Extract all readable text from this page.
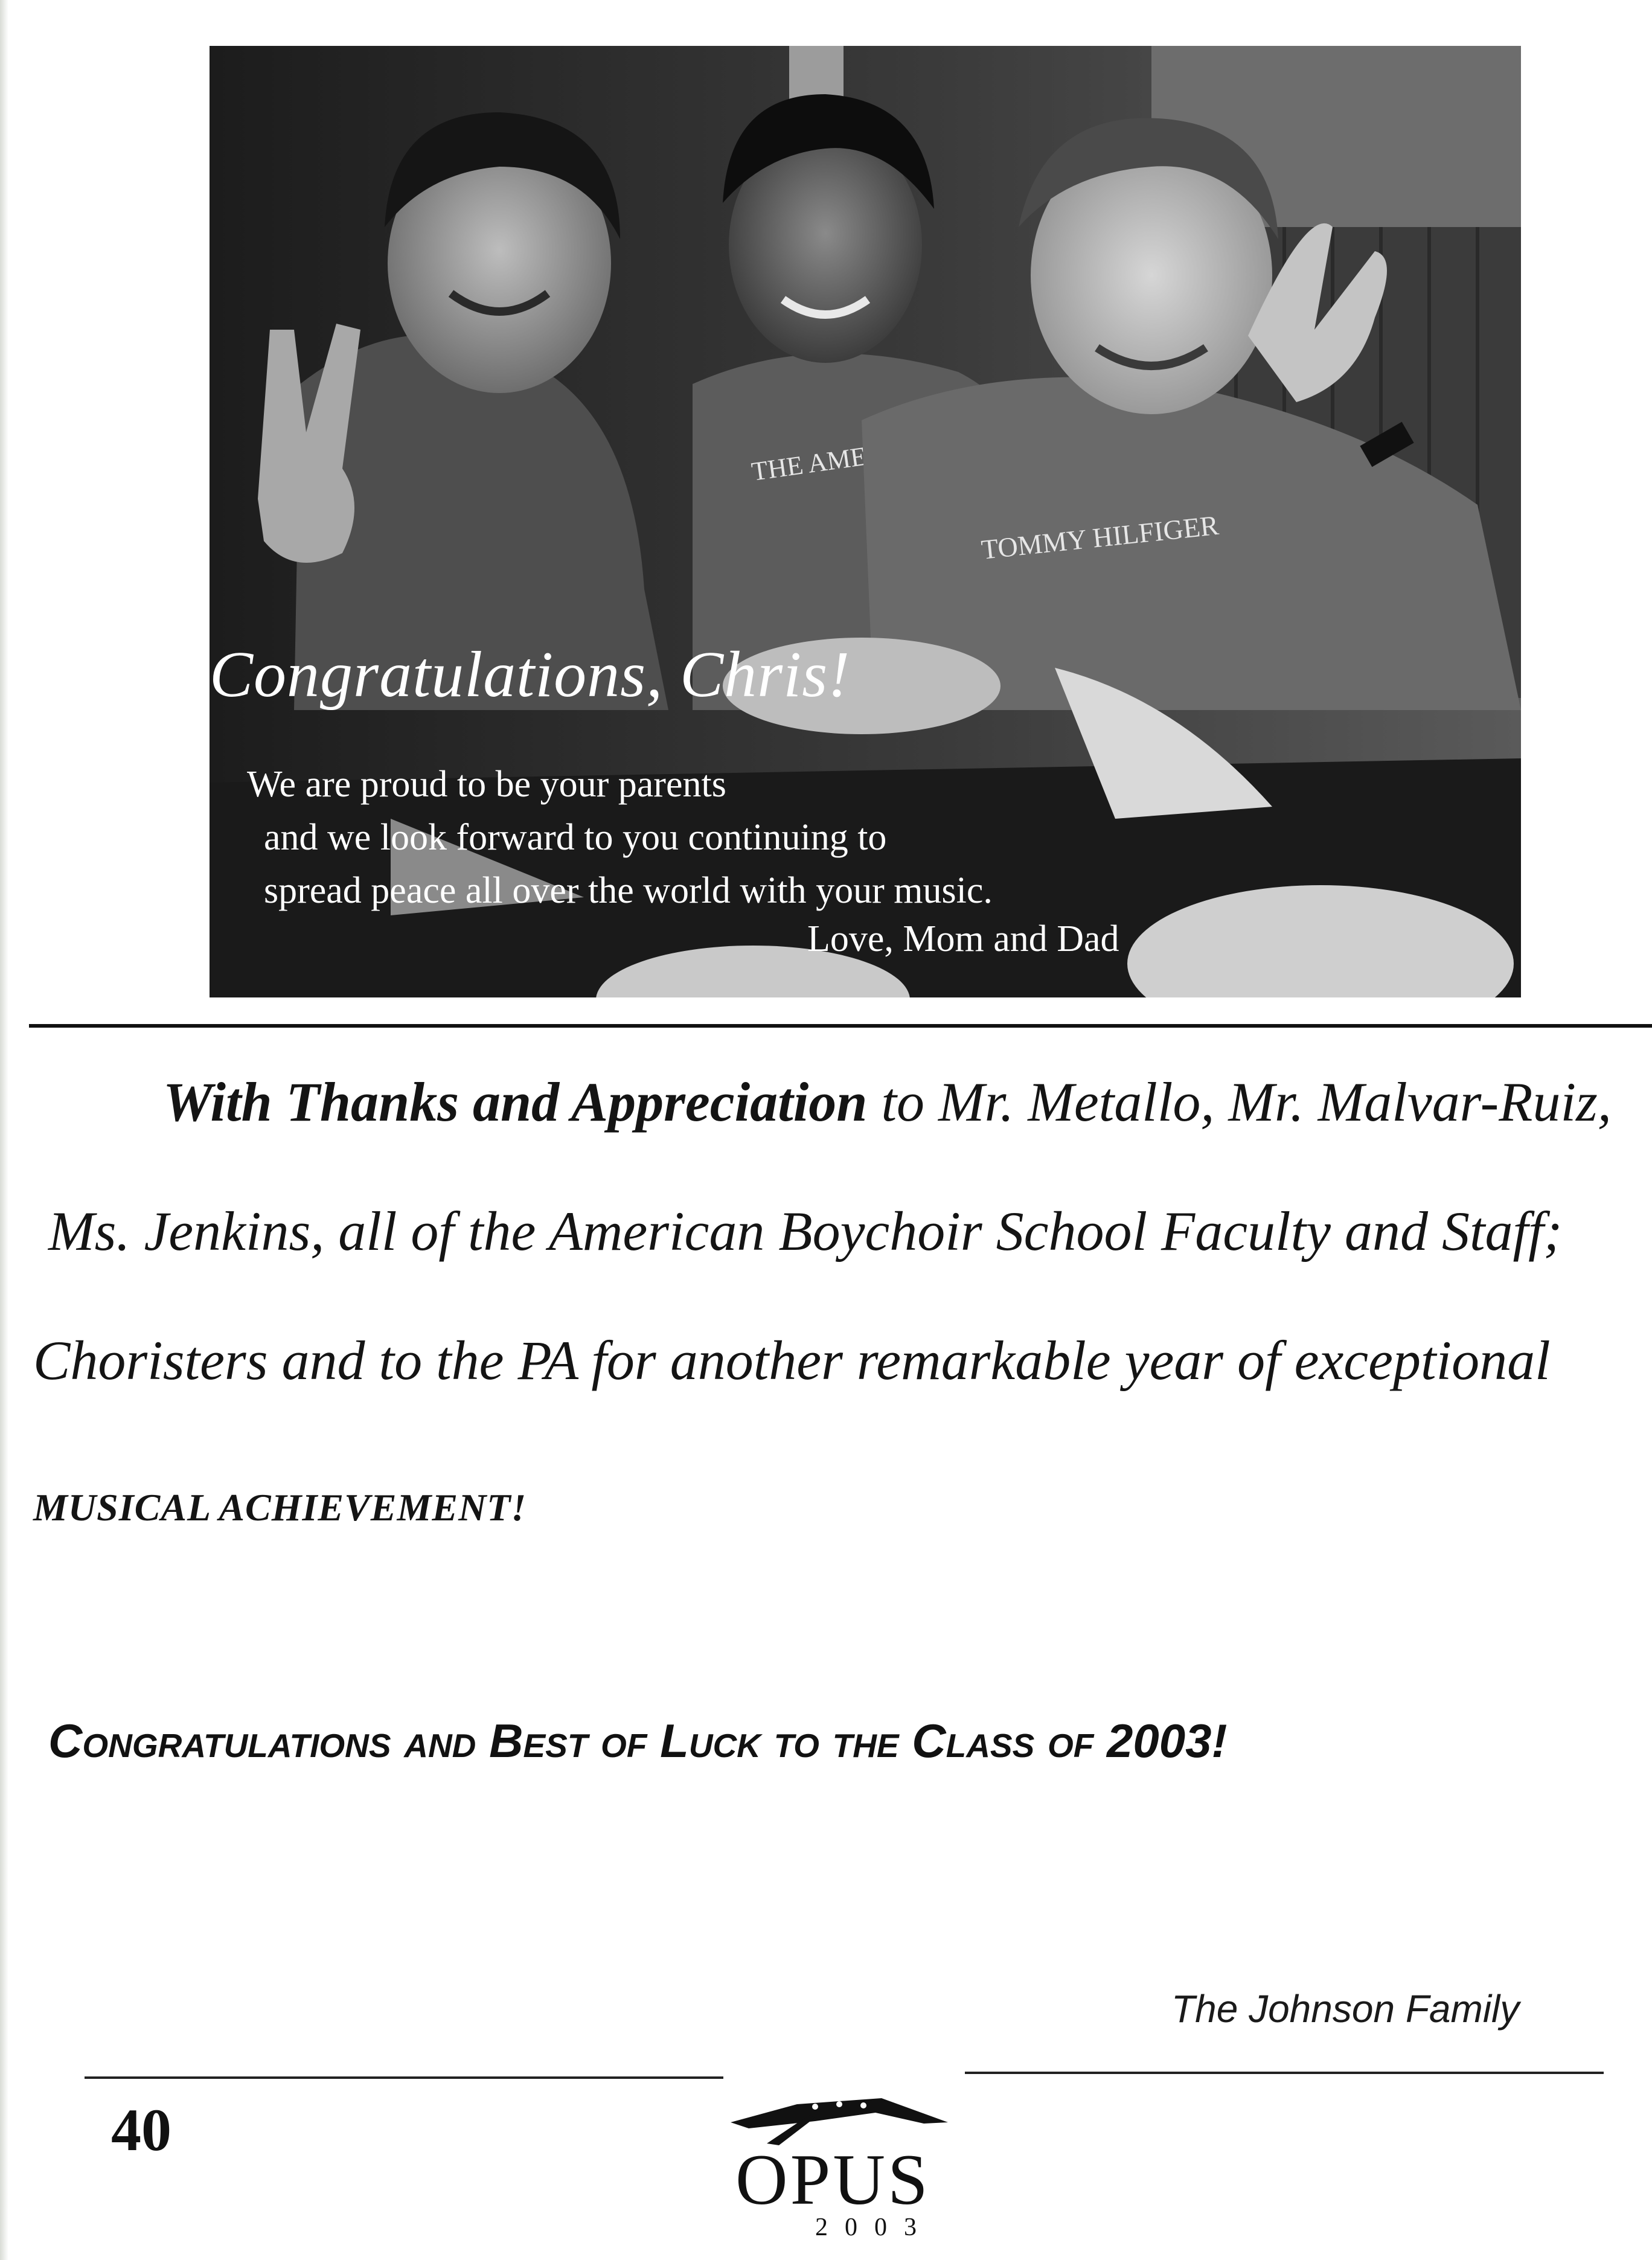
THE
TOMMY HILFIGER
Congratulations, Chris!
We are proud to be your parents
and we look forward to you continuing to
spread peace all over the world with your music.
Love, Mom and Dad
With Thanks and Appreciation to Mr. Metallo, Mr. Malvar-Ruiz,
Ms. Jenkins, all of the American Boychoir School Faculty and Staff;
Choristers and to the PA for another remarkable year of exceptional
MUSICAL ACHIEVEMENT!
Congratulations and Best of Luck to the Class of 2003!
The Johnson Family
40
OPUS
2003
